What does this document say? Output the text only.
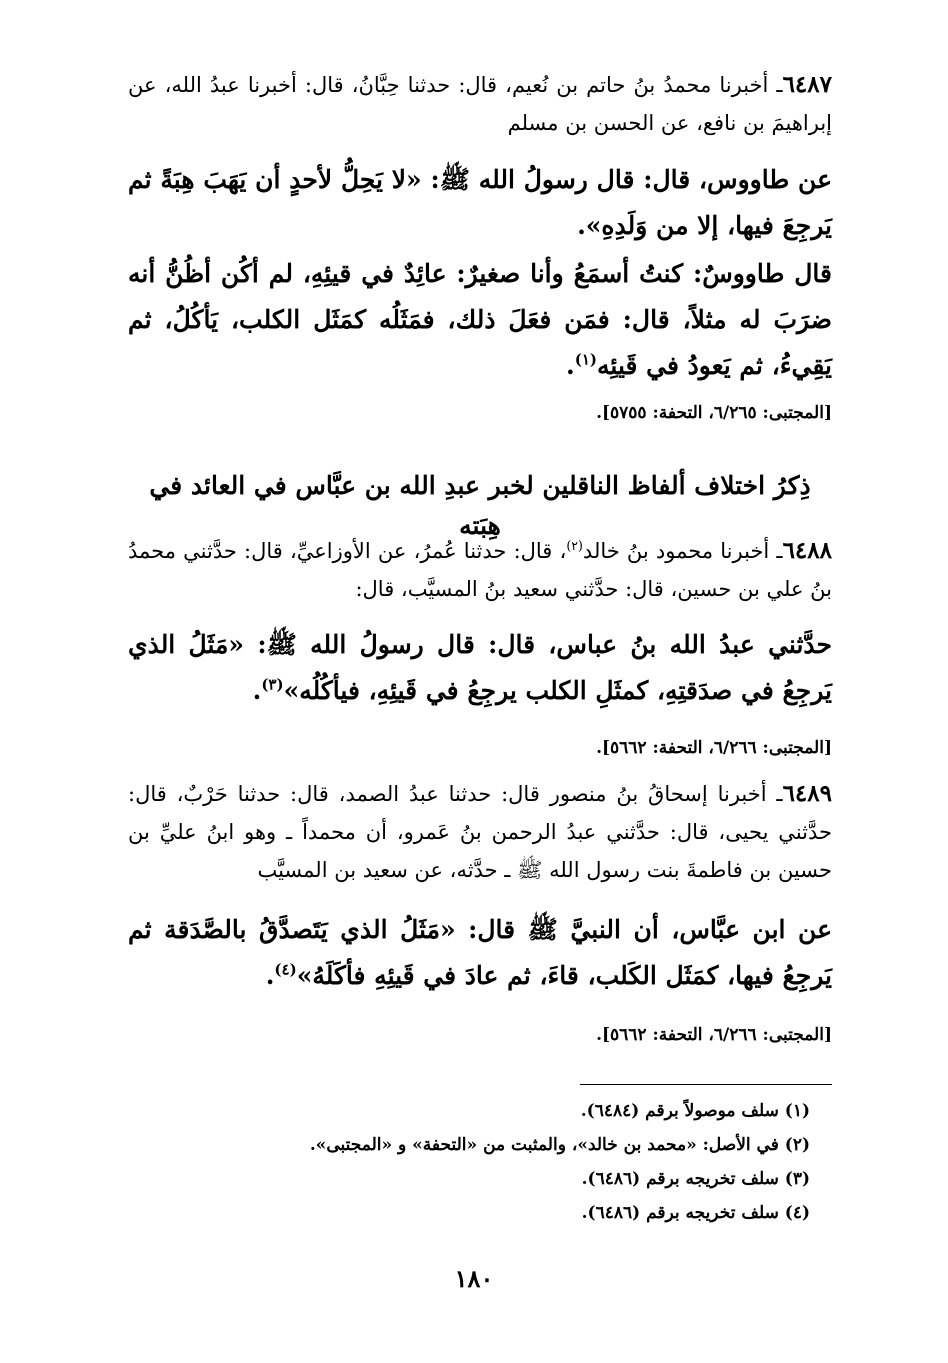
٦٤٨٧ـ أخبرنا محمدُ بنُ حاتم بن نُعيم، قال: حدثنا حِبَّانُ، قال: أخبرنا عبدُ الله، عن إبراهيمَ بن نافع، عن الحسن بن مسلم
عن طاووس، قال: قال رسولُ الله ﷺ: «لا يَحِلُّ لأحدٍ أن يَهَبَ هِبَةً ثم يَرجِعَ فيها، إلا من وَلَدِهِ».
قال طاووسٌ: كنتُ أسمَعُ وأنا صغيرٌ: عائِدٌ في قيئِهِ، لم أكُن أظُنُّ أنه ضرَبَ له مثلاً، قال: فمَن فعَلَ ذلك، فمَثَلُه كمَثَل الكلب، يَأكُلُ، ثم يَقِيءُ، ثم يَعودُ في قَيئِه$^{(١)}$.
[المجتبى: ٦/٢٦٥، التحفة: ٥٧٥٥].
ذِكرُ اختلاف ألفاظ الناقلين لخبر عبدِ الله بن عبَّاس في العائد في هِبَته
٦٤٨٨ـ أخبرنا محمود بنُ خالد$^{(٢)}$، قال: حدثنا عُمرُ، عن الأوزاعيِّ، قال: حدَّثني محمدُ بنُ علي بن حسين، قال: حدَّثني سعيد بنُ المسيَّب، قال:
حدَّثني عبدُ الله بنُ عباس، قال: قال رسولُ الله ﷺ: «مَثَلُ الذي يَرجِعُ في صدَقتِهِ، كمثَلِ الكلب يرجِعُ في قَيئِهِ، فيأكُلُه»$^{(٣)}$.
[المجتبى: ٦/٢٦٦، التحفة: ٥٦٦٢].
٦٤٨٩ـ أخبرنا إسحاقُ بنُ منصور قال: حدثنا عبدُ الصمد، قال: حدثنا حَرْبٌ، قال: حدَّثني يحيى، قال: حدَّثني عبدُ الرحمن بنُ عَمرو، أن محمداً ـ وهو ابنُ عليِّ بن حسين بن فاطمةَ بنت رسول الله ﷺ ـ حدَّثه، عن سعيد بن المسيَّب
عن ابن عبَّاس، أن النبيَّ ﷺ قال: «مَثَلُ الذي يَتَصدَّقُ بالصَّدَقة ثم يَرجِعُ فيها، كمَثَل الكَلب، قاءَ، ثم عادَ في قَيئِهِ فأكَلَهُ»$^{(٤)}$.
[المجتبى: ٦/٢٦٦، التحفة: ٥٦٦٢].
(١) سلف موصولاً برقم (٦٤٨٤).
(٢) في الأصل: «محمد بن خالد»، والمثبت من «التحفة» و «المجتبى».
(٣) سلف تخريجه برقم (٦٤٨٦).
(٤) سلف تخريجه برقم (٦٤٨٦).
١٨٠
